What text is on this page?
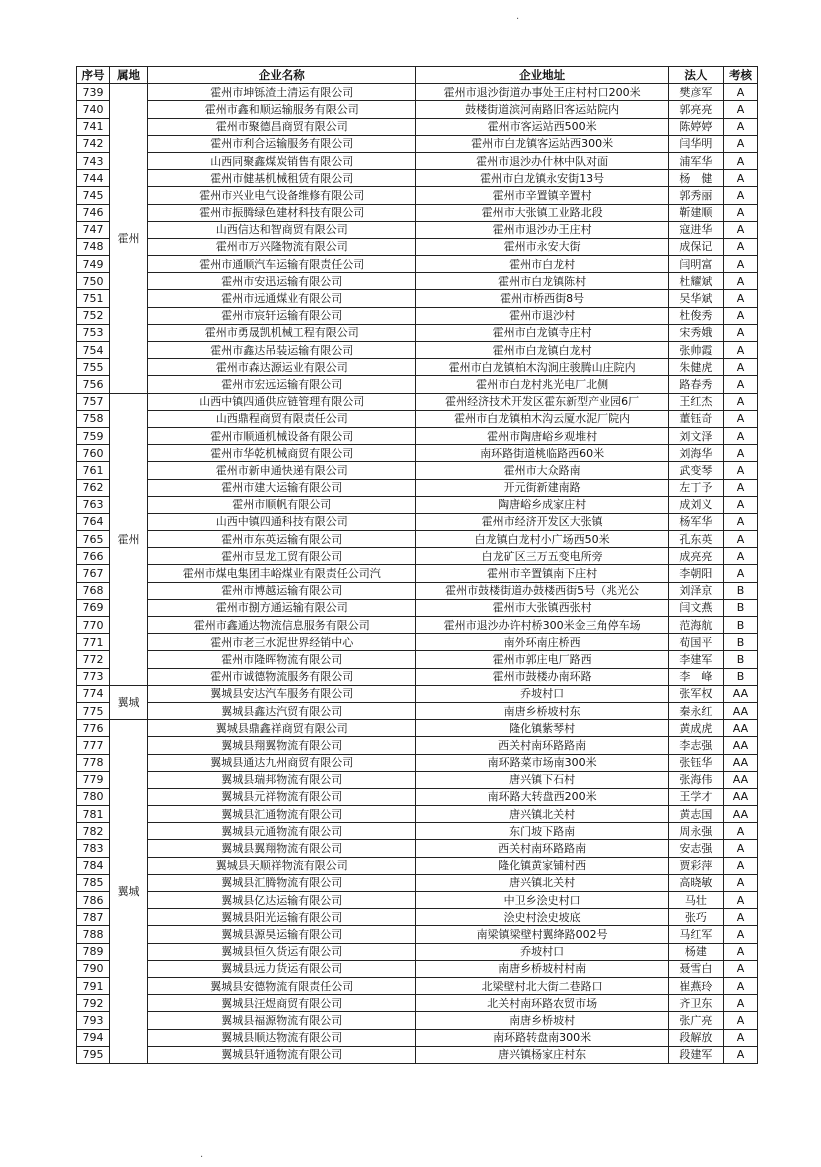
·
序号	属地	企业名称	企业地址	法人	考核
739	霍州	霍州市坤铄渣土清运有限公司	霍州市退沙街道办事处王庄村村口200米	樊彦军	A
740		霍州市鑫和顺运输服务有限公司	鼓楼街道滨河南路旧客运站院内	郭亮亮	A
741		霍州市聚德昌商贸有限公司	霍州市客运站西500米	陈婷婷	A
742		霍州市利合运输服务有限公司	霍州市白龙镇客运站西300米	闫华明	A
743		山西同聚鑫煤炭销售有限公司	霍州市退沙办什林中队对面	浦军华	A
744		霍州市健基机械租赁有限公司	霍州市白龙镇永安街13号	杨　健	A
745		霍州市兴业电气设备维修有限公司	霍州市辛置镇辛置村	郭秀丽	A
746		霍州市振腾绿色建材科技有限公司	霍州市大张镇工业路北段	靳建顺	A
747		山西信达和智商贸有限公司	霍州市退沙办王庄村	寇进华	A
748		霍州市万兴隆物流有限公司	霍州市永安大街	成保记	A
749		霍州市通顺汽车运输有限责任公司	霍州市白龙村	闫明富	A
750		霍州市安迅运输有限公司	霍州市白龙镇陈村	杜耀斌	A
751		霍州市远通煤业有限公司	霍州市桥西街8号	吴华斌	A
752		霍州市宸轩运输有限公司	霍州市退沙村	杜俊秀	A
753		霍州市勇晟凯机械工程有限公司	霍州市白龙镇寺庄村	宋秀娥	A
754		霍州市鑫达吊装运输有限公司	霍州市白龙镇白龙村	张帅霞	A
755		霍州市森达源运业有限公司	霍州市白龙镇柏木沟涧庄骏腾山庄院内	朱健虎	A
756		霍州市宏远运输有限公司	霍州市白龙村兆光电厂北侧	路春秀	A
757	霍州	山西中镇四通供应链管理有限公司	霍州经济技术开发区霍东新型产业园6厂	王红杰	A
758		山西鼎程商贸有限责任公司	霍州市白龙镇柏木沟云厦水泥厂院内	董钰奇	A
759		霍州市顺通机械设备有限公司	霍州市陶唐峪乡观堆村	刘文泽	A
760		霍州市华乾机械商贸有限公司	南环路街道桃临路西60米	刘海华	A
761		霍州市新申通快递有限公司	霍州市大众路南	武变琴	A
762		霍州市建大运输有限公司	开元街新建南路	左丁予	A
763		霍州市顺帆有限公司	陶唐峪乡成家庄村	成刘义	A
764		山西中镇四通科技有限公司	霍州市经济开发区大张镇	杨军华	A
765		霍州市东英运输有限公司	白龙镇白龙村小广场西50米	孔东英	A
766		霍州市昱龙工贸有限公司	白龙矿区三万五变电所旁	成亮亮	A
767		霍州市煤电集团丰峪煤业有限责任公司汽	霍州市辛置镇南下庄村	李朝阳	A
768		霍州市博越运输有限公司	霍州市鼓楼街道办鼓楼西街5号（兆光公	刘泽京	B
769		霍州市捌方通运输有限公司	霍州市大张镇西张村	闫文燕	B
770		霍州市鑫通达物流信息服务有限公司	霍州市退沙办许村桥300米金三角停车场	范海航	B
771		霍州市老三水泥世界经销中心	南外环南庄桥西	荀国平	B
772		霍州市隆晖物流有限公司	霍州市郭庄电厂路西	李建军	B
773		霍州市诚德物流服务有限公司	霍州市鼓楼办南环路	李　峰	B
774	翼城	翼城县安达汽车服务有限公司	乔坡村口	张军权	AA
775		翼城县鑫达汽贸有限公司	南唐乡桥坡村东	秦永红	AA
776	翼城	翼城县鼎鑫祥商贸有限公司	隆化镇紫琴村	黄成虎	AA
777		翼城县翔翼物流有限公司	西关村南环路路南	李志强	AA
778		翼城县通达九州商贸有限公司	南环路菜市场南300米	张钰华	AA
779		翼城县瑞邦物流有限公司	唐兴镇下石村	张海伟	AA
780		翼城县元祥物流有限公司	南环路大转盘西200米	王学才	AA
781		翼城县汇通物流有限公司	唐兴镇北关村	黄志国	AA
782		翼城县元通物流有限公司	东门坡下路南	周永强	A
783		翼城县翼翔物流有限公司	西关村南环路路南	安志强	A
784		翼城县天顺祥物流有限公司	隆化镇黄家铺村西	贾彩萍	A
785		翼城县汇腾物流有限公司	唐兴镇北关村	高晓敏	A
786		翼城县亿达运输有限公司	中卫乡浍史村口	马壮	A
787		翼城县阳光运输有限公司	浍史村浍史坡底	张巧	A
788		翼城县源昊运输有限公司	南梁镇梁壁村翼绛路002号	马红军	A
789		翼城县恒久货运有限公司	乔坡村口	杨建	A
790		翼城县远力货运有限公司	南唐乡桥坡村村南	聂雪白	A
791		翼城县安德物流有限责任公司	北梁壁村北大街二巷路口	崔燕玲	A
792		翼城县汪煜商贸有限公司	北关村南环路农贸市场	齐卫东	A
793		翼城县福源物流有限公司	南唐乡桥坡村	张广亮	A
794		翼城县顺达物流有限公司	南环路转盘南300米	段解放	A
795		翼城县轩通物流有限公司	唐兴镇杨家庄村东	段建军	A
·
